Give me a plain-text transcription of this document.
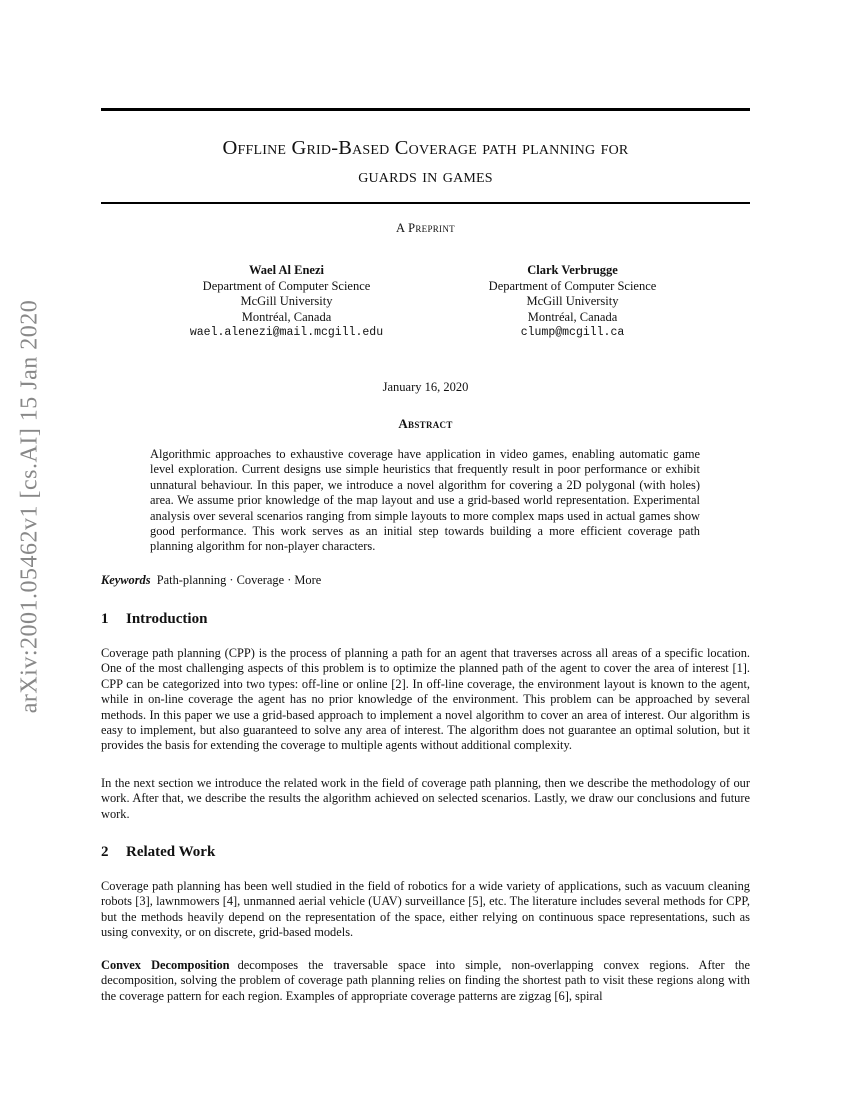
arXiv:2001.05462v1 [cs.AI] 15 Jan 2020
Offline Grid-Based Coverage path planning for
guards in games
A Preprint
Wael Al Enezi
Department of Computer Science
McGill University
Montréal, Canada
wael.alenezi@mail.mcgill.edu
Clark Verbrugge
Department of Computer Science
McGill University
Montréal, Canada
clump@mcgill.ca
January 16, 2020
Abstract
Algorithmic approaches to exhaustive coverage have application in video games, enabling automatic game level exploration. Current designs use simple heuristics that frequently result in poor performance or exhibit unnatural behaviour. In this paper, we introduce a novel algorithm for covering a 2D polygonal (with holes) area. We assume prior knowledge of the map layout and use a grid-based world representation. Experimental analysis over several scenarios ranging from simple layouts to more complex maps used in actual games show good performance. This work serves as an initial step towards building a more efficient coverage path planning algorithm for non-player characters.
Keywords Path-planning · Coverage · More
1 Introduction
Coverage path planning (CPP) is the process of planning a path for an agent that traverses across all areas of a specific location. One of the most challenging aspects of this problem is to optimize the planned path of the agent to cover the area of interest [1]. CPP can be categorized into two types: off-line or online [2]. In off-line coverage, the environment layout is known to the agent, while in on-line coverage the agent has no prior knowledge of the environment. This problem can be approached by several methods. In this paper we use a grid-based approach to implement a novel algorithm to cover an area of interest. Our algorithm is easy to implement, but also guaranteed to solve any area of interest. The algorithm does not guarantee an optimal solution, but it provides the basis for extending the coverage to multiple agents without additional complexity.
In the next section we introduce the related work in the field of coverage path planning, then we describe the methodology of our work. After that, we describe the results the algorithm achieved on selected scenarios. Lastly, we draw our conclusions and future work.
2 Related Work
Coverage path planning has been well studied in the field of robotics for a wide variety of applications, such as vacuum cleaning robots [3], lawnmowers [4], unmanned aerial vehicle (UAV) surveillance [5], etc. The literature includes several methods for CPP, but the methods heavily depend on the representation of the space, either relying on continuous space representations, such as using convexity, or on discrete, grid-based models.
Convex Decomposition decomposes the traversable space into simple, non-overlapping convex regions. After the decomposition, solving the problem of coverage path planning relies on finding the shortest path to visit these regions along with the coverage pattern for each region. Examples of appropriate coverage patterns are zigzag [6], spiral
